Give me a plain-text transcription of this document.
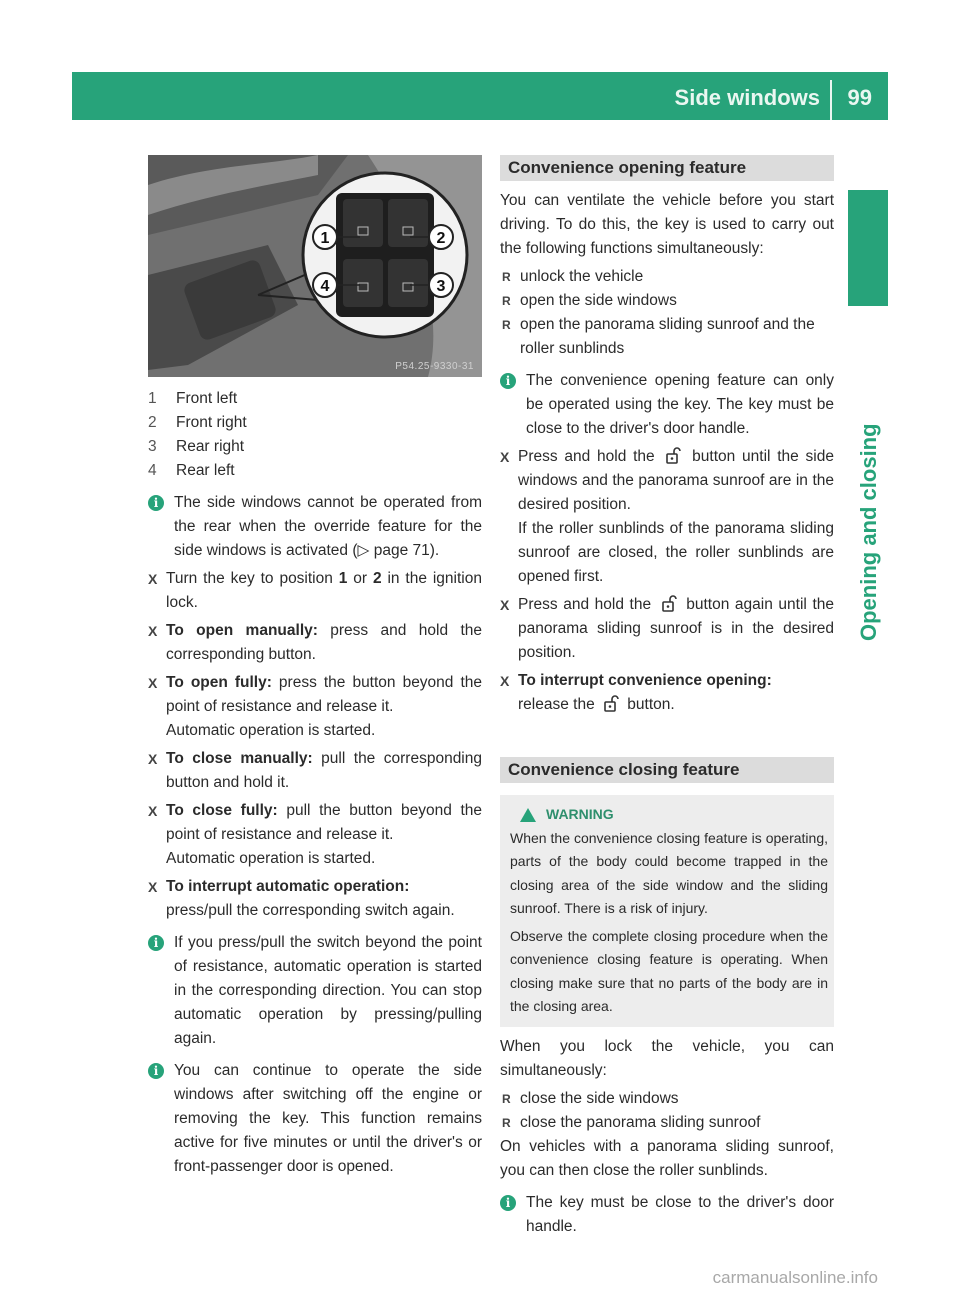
Side windows 99
Opening and closing
1	2
3
4
P54.25-9330-31
1	Front left
2	Front right
3	Rear right
4	Rear left
i	The side windows cannot be operated from the rear when the override feature for the side windows is activated (▷ page 71).

X Turn the key to position 1 or 2 in the ignition lock.

X To open manually: press and hold the corresponding button.

X To open fully: press the button beyond the point of resistance and release it.
Automatic operation is started.

X To close manually: pull the corresponding button and hold it.

X To close fully: pull the button beyond the point of resistance and release it.
Automatic operation is started.

X To interrupt automatic operation:
press/pull the corresponding switch again.

i	If you press/pull the switch beyond the point of resistance, automatic operation is started in the corresponding direction. You can stop automatic operation by pressing/pulling again.

i	You can continue to operate the side windows after switching off the engine or removing the key. This function remains active for five minutes or until the driver's or front-passenger door is opened.

Convenience opening feature

You can ventilate the vehicle before you start driving. To do this, the key is used to carry out the following functions simultaneously:

R unlock the vehicle
R open the side windows
R open the panorama sliding sunroof and the roller sunblinds
i	The convenience opening feature can only be operated using the key. The key must be close to the driver's door handle.

X Press and hold the  button until the side windows and the panorama sunroof are in the desired position.
If the roller sunblinds of the panorama sliding sunroof are closed, the roller sunblinds are opened first.

X Press and hold the  button again until the panorama sliding sunroof is in the desired position.

X To interrupt convenience opening:
release the  button.

Convenience closing feature
WARNING

When the convenience closing feature is operating, parts of the body could become trapped in the closing area of the side window and the sliding sunroof. There is a risk of injury.

Observe the complete closing procedure when the convenience closing feature is operating. When closing make sure that no parts of the body are in the closing area.

When you lock the vehicle, you can simultaneously:

R close the side windows
R close the panorama sliding sunroof

On vehicles with a panorama sliding sunroof, you can then close the roller sunblinds.

i	The key must be close to the driver's door handle.

carmanualsonline.info
